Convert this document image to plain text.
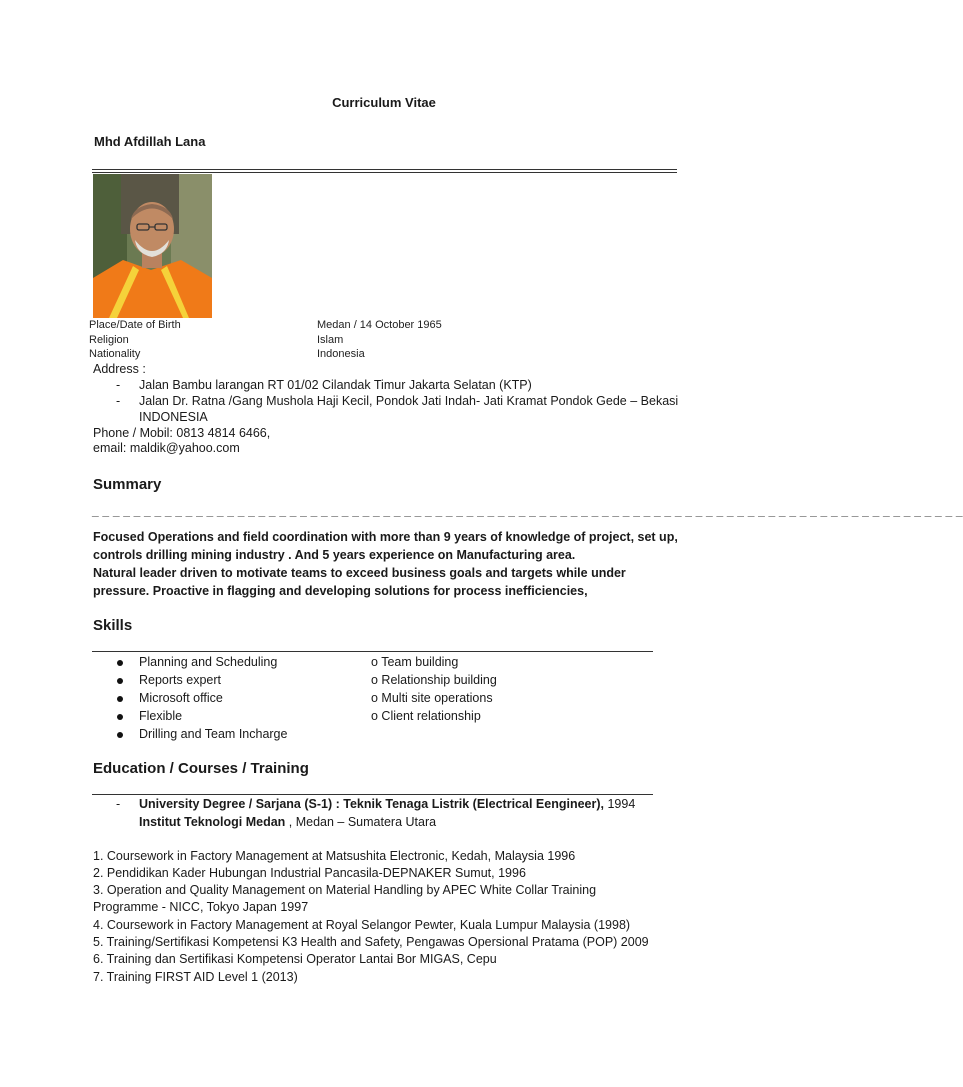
Curriculum Vitae
Mhd Afdillah Lana
Place/Date of Birth	Medan / 14 October 1965
Religion	Islam
Nationality	Indonesia
Address :
- Jalan Bambu larangan RT 01/02 Cilandak Timur Jakarta Selatan (KTP)
- Jalan Dr. Ratna /Gang Mushola Haji Kecil, Pondok Jati Indah- Jati Kramat Pondok Gede – Bekasi
INDONESIA
Phone / Mobil: 0813 4814 6466,
email: maldik@yahoo.com
Summary
_ _ _ _ _ _ _ _ _ _ _ _ _ _ _ _ _ _ _ _ _ _ _ _ _ _ _ _ _ _ _ _ _ _ _ _ _ _ _ _ _ _ _ _ _ _ _ _ _ _ _ _ _ _ _ _ _ _ _ _ _ _ _ _ _ _ _ _ _ _ _ _ _ _ _ _ _ _ _ _ _ _ _ _
Focused Operations and field coordination with more than 9 years of knowledge of project, set up,
controls drilling mining industry . And 5 years experience on Manufacturing area.
Natural leader driven to motivate teams to exceed business goals and targets while under
pressure. Proactive in flagging and developing solutions for process inefficiencies,
Skills
Planning and Scheduling
Reports expert
Microsoft office
Flexible
Drilling and Team Incharge
o Team building
o Relationship building
o Multi site operations
o Client relationship
Education / Courses / Training
- University Degree / Sarjana (S-1) : Teknik Tenaga Listrik (Electrical Eengineer), 1994
Institut Teknologi Medan , Medan – Sumatera Utara
1. Coursework in Factory Management at Matsushita Electronic, Kedah, Malaysia 1996
2. Pendidikan Kader Hubungan Industrial Pancasila-DEPNAKER Sumut, 1996
3. Operation and Quality Management on Material Handling by APEC White Collar Training
Programme - NICC, Tokyo Japan 1997
4. Coursework in Factory Management at Royal Selangor Pewter, Kuala Lumpur Malaysia (1998)
5. Training/Sertifikasi Kompetensi K3 Health and Safety, Pengawas Opersional Pratama (POP) 2009
6. Training dan Sertifikasi Kompetensi Operator Lantai Bor MIGAS, Cepu
7. Training FIRST AID Level 1 (2013)
